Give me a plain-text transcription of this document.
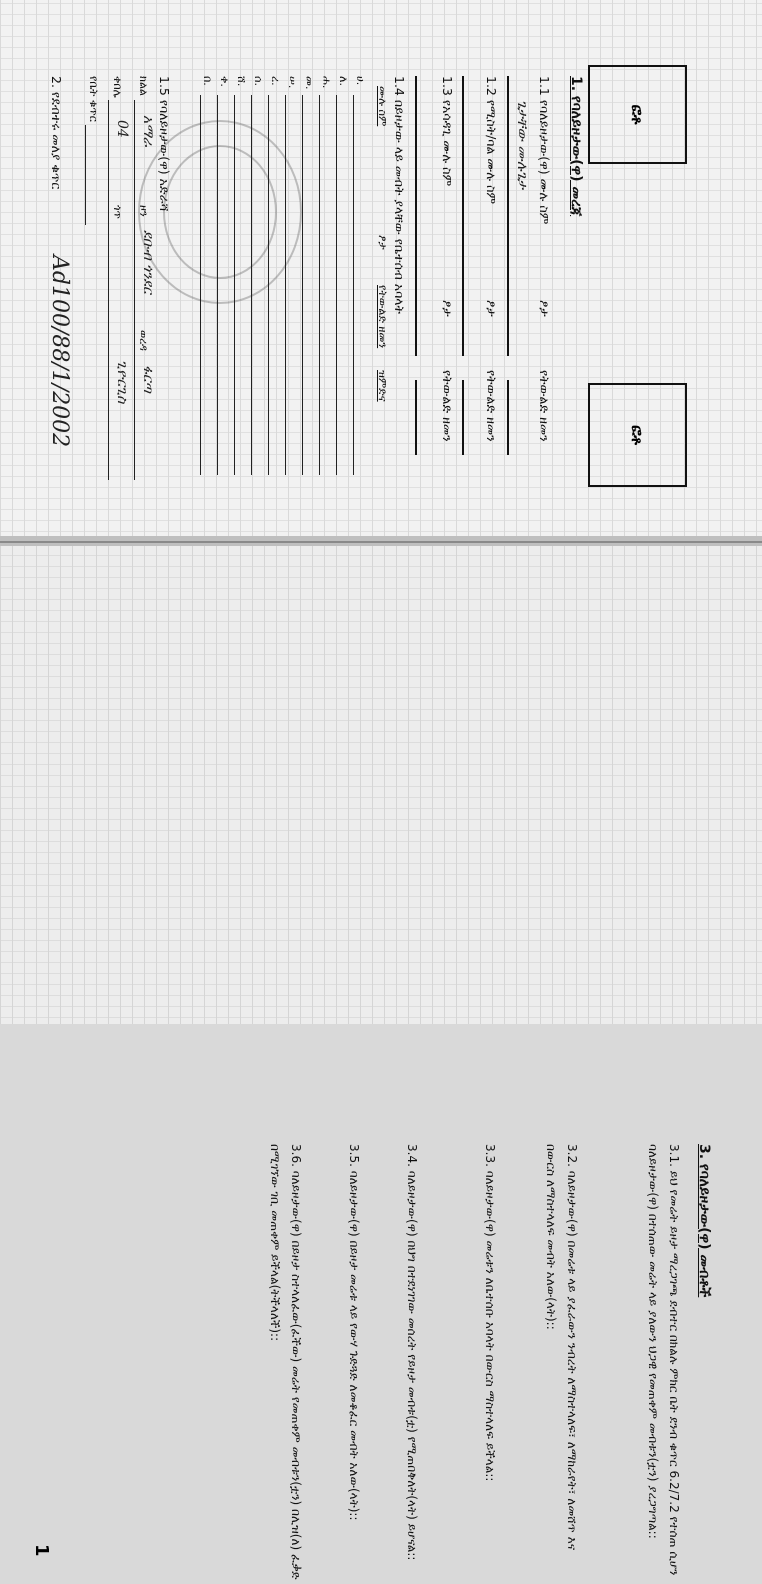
ፎቶ
ፎቶ
1. የባለይዞታው(ዋ) መረጃ
1.1 የባለይዞታው(ዋ) ሙሉ ስም
ፆታ
የትውልድ ዘመን
ጌታቸው ሙሉጌታ
1.2 የሚስት/ባል ሙሉ ስም
ፆታ
የትውልድ ዘመን
1.3 የአሳዳጊ ሙሉ ስም
ፆታ
የትውልድ ዘመን
1.4 በይዞታው ላይ መብት ያላቸው የቤተሰብ አባላት
ሙሉ ስም
ፆታ
የትውልድ ዘመን
ዝምድና
ሀ.
ለ.
ሐ.
መ.
ሠ.
ረ.
ሰ.
ሸ.
ቀ.
በ.
1.5 የባለይዞታው(ዋ) አድራሻ
ክልል
አማራ
ዞን
ደቡብ ጎንደር
ወረዳ
ፋርጣ
ቀበሌ
04
ጎጥ
ጊዮርጊስ
የቤት ቁጥር
2. የደብተሩ መለያ ቁጥር
Ad100/88/1/2002
3. የባለይዞታው(ዋ) መብቶች
3.1. ይህ የመሬት ይዞታ ማረጋገጫ ደብተር በክልሉ ምክር ቤት ደንብ ቁጥር 6.2/7.2 የተሰጠ ሲሆን ባለይዞታው(ዋ) በተሰጠው መሬት ላይ ያለውን ህጋዊ የመጠቀም መብቱን(ቷን) ያረጋግጣል::
3.2. ባለይዞታው(ዋ) በመሬቱ ላይ ያፈራውን ንብረት ለማስተላለፍ፣ ለማከራየት፣ ለመሸጥ እና በውርስ ለማስተላለፍ መብት አለው(ላት)::
3.3. ባለይዞታው(ዋ) መሬቱን ለቤተሰቡ አባላት በውርስ ማስተላለፍ ይችላል::
3.4. ባለይዞታው(ዋ) በህግ በተደነገገው መሰረት የይዞታ መብቱ(ቷ) የሚጠበቅለት(ላት) ይሆናል::
3.5. ባለይዞታው(ዋ) በይዞታ መሬቱ ላይ የውሃ ጉድጓድ ለመቆፈር መብት አለው(ላት)::
3.6. ባለይዞታው(ዋ) በይዞታ ስተላለፈው(ፈችው) መሬት የመጠቀም መብቱን(ቷን) በሊዝ(ለ) ፈቃድ በሚገኘው ገቢ መጠቀም ይችላል(ትችላለች)::
1
